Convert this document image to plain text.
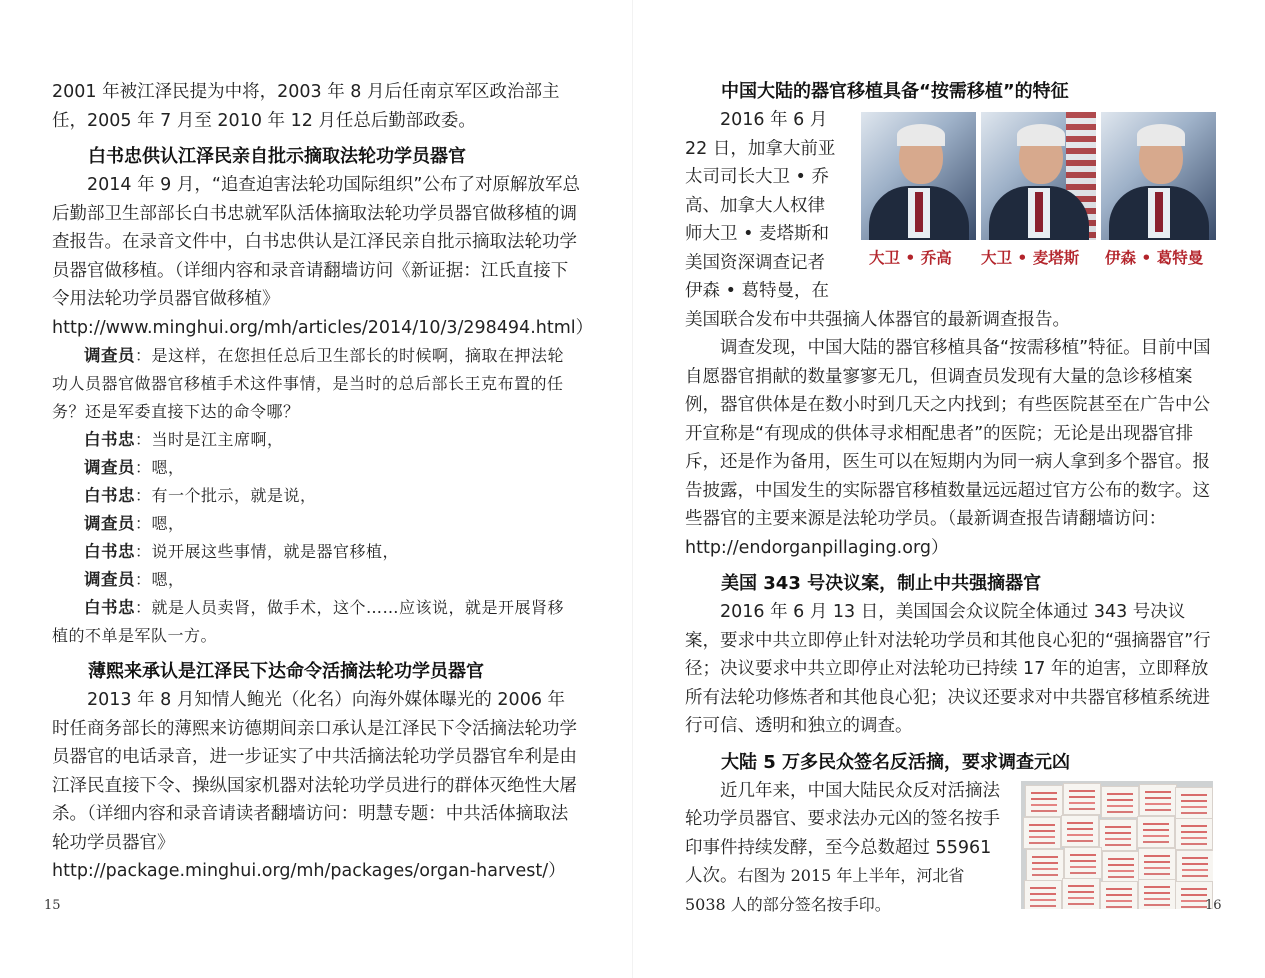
2001 年被江泽民提为中将，2003 年 8 月后任南京军区政治部主任，2005 年 7 月至 2010 年 12 月任总后勤部政委。

白书忠供认江泽民亲自批示摘取法轮功学员器官

2014 年 9 月，“追查迫害法轮功国际组织”公布了对原解放军总后勤部卫生部部长白书忠就军队活体摘取法轮功学员器官做移植的调查报告。在录音文件中，白书忠供认是江泽民亲自批示摘取法轮功学员器官做移植。（详细内容和录音请翻墙访问《新证据：江氏直接下令用法轮功学员器官做移植》http://www.minghui.org/mh/articles/2014/10/3/298494.html）

调查员：是这样，在您担任总后卫生部长的时候啊，摘取在押法轮功人员器官做器官移植手术这件事情，是当时的总后部长王克布置的任务？还是军委直接下达的命令哪？

白书忠：当时是江主席啊，

调查员：嗯，

白书忠：有一个批示，就是说，

调查员：嗯，

白书忠：说开展这些事情，就是器官移植，

调查员：嗯，

白书忠：就是人员卖肾，做手术，这个……应该说，就是开展肾移植的不单是军队一方。

薄熙来承认是江泽民下达命令活摘法轮功学员器官

2013 年 8 月知情人鲍光（化名）向海外媒体曝光的 2006 年时任商务部长的薄熙来访德期间亲口承认是江泽民下令活摘法轮功学员器官的电话录音，进一步证实了中共活摘法轮功学员器官牟利是由江泽民直接下令、操纵国家机器对法轮功学员进行的群体灭绝性大屠杀。（详细内容和录音请读者翻墙访问：明慧专题：中共活体摘取法轮功学员器官》http://package.minghui.org/mh/packages/organ-harvest/）

15
中国大陆的器官移植具备“按需移植”的特征
大卫 • 乔高 大卫 • 麦塔斯 伊森 • 葛特曼

2016 年 6 月 22 日，加拿大前亚太司司长大卫 • 乔高、加拿大人权律师大卫 • 麦塔斯和美国资深调查记者伊森 • 葛特曼，在美国联合发布中共强摘人体器官的最新调查报告。

调查发现，中国大陆的器官移植具备“按需移植”特征。目前中国自愿器官捐献的数量寥寥无几，但调查员发现有大量的急诊移植案例，器官供体是在数小时到几天之内找到；有些医院甚至在广告中公开宣称是“有现成的供体寻求相配患者”的医院；无论是出现器官排斥，还是作为备用，医生可以在短期内为同一病人拿到多个器官。报告披露，中国发生的实际器官移植数量远远超过官方公布的数字。这些器官的主要来源是法轮功学员。（最新调查报告请翻墙访问：http://endorganpillaging.org）

美国 343 号决议案，制止中共强摘器官

2016 年 6 月 13 日，美国国会众议院全体通过 343 号决议案，要求中共立即停止针对法轮功学员和其他良心犯的“强摘器官”行径；决议要求中共立即停止对法轮功已持续 17 年的迫害，立即释放所有法轮功修炼者和其他良心犯；决议还要求对中共器官移植系统进行可信、透明和独立的调查。

大陆 5 万多民众签名反活摘，要求调查元凶

近几年来，中国大陆民众反对活摘法轮功学员器官、要求法办元凶的签名按手印事件持续发酵，至今总数超过 55961 人次。右图为 2015 年上半年，河北省 5038 人的部分签名按手印。	16
